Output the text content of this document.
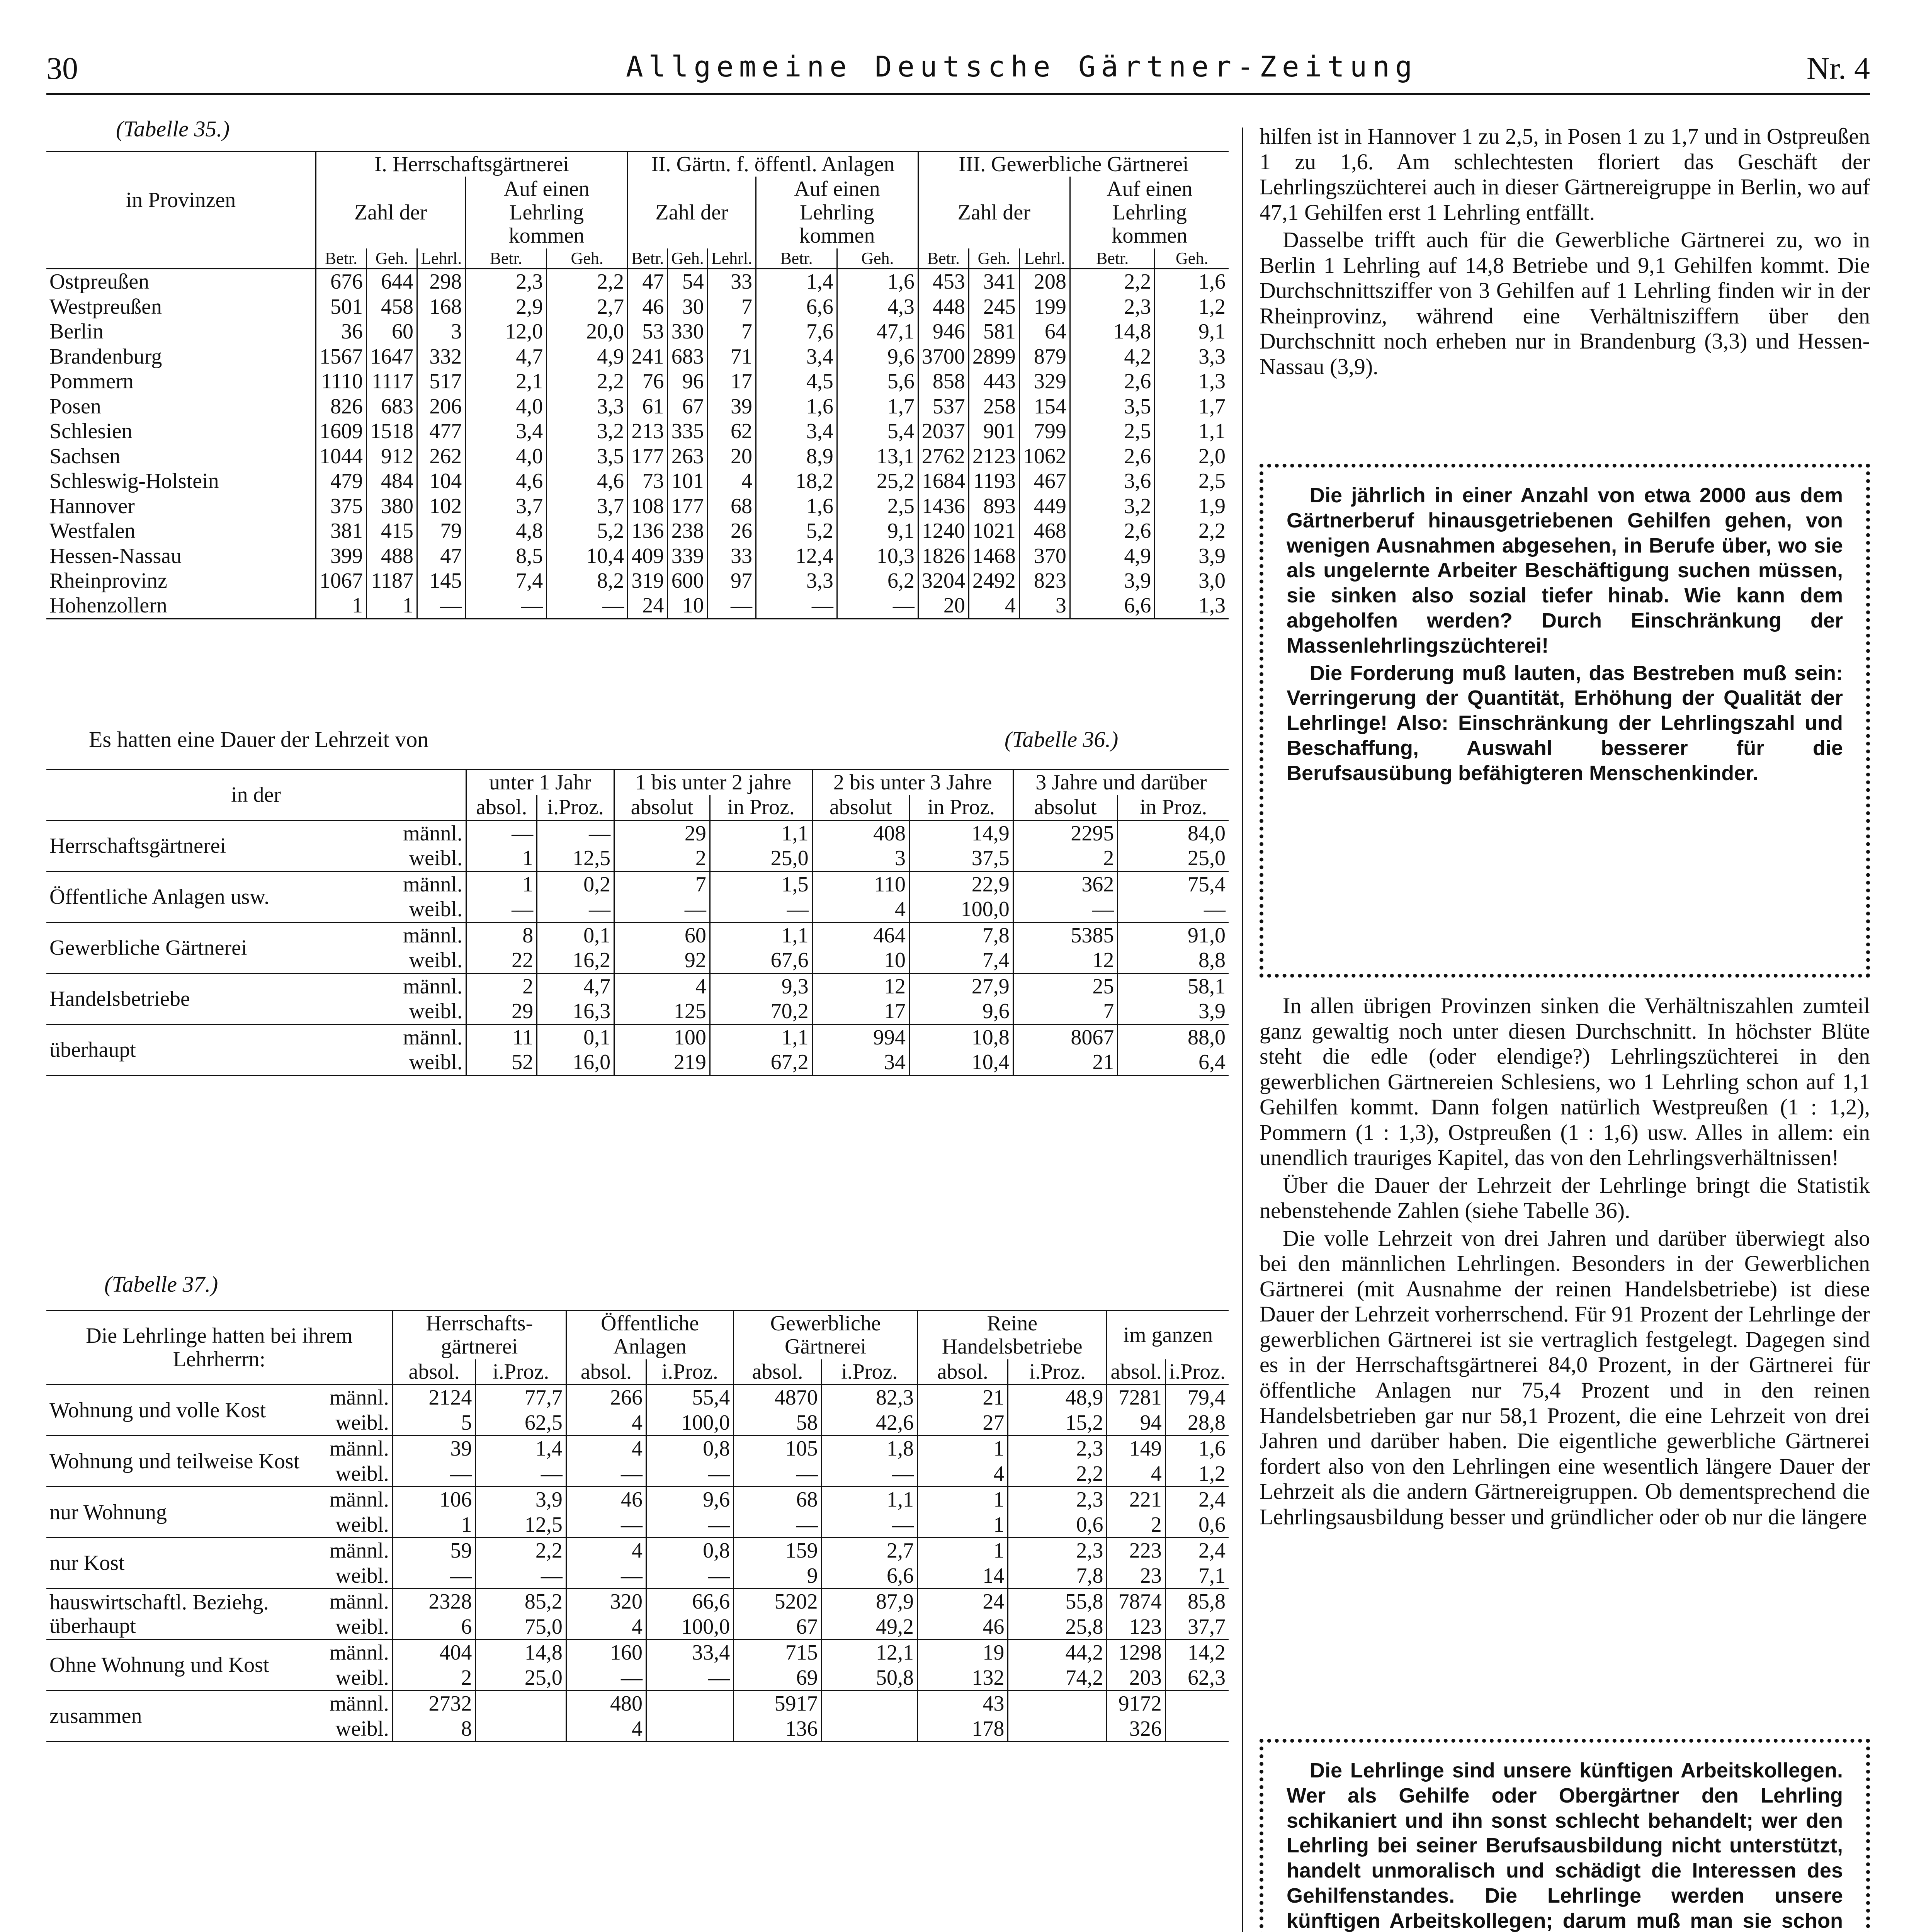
30	Allgemeine Deutsche Gärtner-Zeitung	Nr. 4
(Tabelle 35.)
in Provinzen	I. Herrschaftsgärtnerei					II. Gärtn. f. öffentl. Anlagen					III. Gewerbliche Gärtnerei				
	Zahl der			Auf einen Lehrling kommen		Zahl der			Auf einen Lehrling kommen		Zahl der			Auf einen Lehrling kommen	
	Betr.	Geh.	Lehrl.	Betr.	Geh.	Betr.	Geh.	Lehrl.	Betr.	Geh.	Betr.	Geh.	Lehrl.	Betr.	Geh.
Ostpreußen	676	644	298	2,3	2,2	47	54	33	1,4	1,6	453	341	208	2,2	1,6
Westpreußen	501	458	168	2,9	2,7	46	30	7	6,6	4,3	448	245	199	2,3	1,2
Berlin	36	60	3	12,0	20,0	53	330	7	7,6	47,1	946	581	64	14,8	9,1
Brandenburg	1567	1647	332	4,7	4,9	241	683	71	3,4	9,6	3700	2899	879	4,2	3,3
Pommern	1110	1117	517	2,1	2,2	76	96	17	4,5	5,6	858	443	329	2,6	1,3
Posen	826	683	206	4,0	3,3	61	67	39	1,6	1,7	537	258	154	3,5	1,7
Schlesien	1609	1518	477	3,4	3,2	213	335	62	3,4	5,4	2037	901	799	2,5	1,1
Sachsen	1044	912	262	4,0	3,5	177	263	20	8,9	13,1	2762	2123	1062	2,6	2,0
Schleswig-Holstein	479	484	104	4,6	4,6	73	101	4	18,2	25,2	1684	1193	467	3,6	2,5
Hannover	375	380	102	3,7	3,7	108	177	68	1,6	2,5	1436	893	449	3,2	1,9
Westfalen	381	415	79	4,8	5,2	136	238	26	5,2	9,1	1240	1021	468	2,6	2,2
Hessen-Nassau	399	488	47	8,5	10,4	409	339	33	12,4	10,3	1826	1468	370	4,9	3,9
Rheinprovinz	1067	1187	145	7,4	8,2	319	600	97	3,3	6,2	3204	2492	823	3,9	3,0
Hohenzollern	1	1	—	—	—	24	10	—	—	—	20	4	3	6,6	1,3
Es hatten eine Dauer der Lehrzeit von	(Tabelle 36.)
in der		unter 1 Jahr		1 bis unter 2 jahre		2 bis unter 3 Jahre		3 Jahre und darüber	
		absol.	i.Proz.	absolut	in Proz.	absolut	in Proz.	absolut	in Proz.
Herrschaftsgärtnerei	männl.	—	—	29	1,1	408	14,9	2295	84,0
	weibl.	1	12,5	2	25,0	3	37,5	2	25,0
Öffentliche Anlagen usw.	männl.	1	0,2	7	1,5	110	22,9	362	75,4
	weibl.	—	—	—	—	4	100,0	—	—
Gewerbliche Gärtnerei	männl.	8	0,1	60	1,1	464	7,8	5385	91,0
	weibl.	22	16,2	92	67,6	10	7,4	12	8,8
Handelsbetriebe	männl.	2	4,7	4	9,3	12	27,9	25	58,1
	weibl.	29	16,3	125	70,2	17	9,6	7	3,9
überhaupt	männl.	11	0,1	100	1,1	994	10,8	8067	88,0
	weibl.	52	16,0	219	67,2	34	10,4	21	6,4
(Tabelle 37.)
Die Lehrlinge hatten bei ihrem Lehrherrn:		Herrschafts-gärtnerei		Öffentliche Anlagen		Gewerbliche Gärtnerei		Reine Handelsbetriebe		im ganzen	
		absol.	i.Proz.	absol.	i.Proz.	absol.	i.Proz.	absol.	i.Proz.	absol.	i.Proz.
Wohnung und volle Kost	männl.	2124	77,7	266	55,4	4870	82,3	21	48,9	7281	79,4
	weibl.	5	62,5	4	100,0	58	42,6	27	15,2	94	28,8
Wohnung und teilweise Kost	männl.	39	1,4	4	0,8	105	1,8	1	2,3	149	1,6
	weibl.	—	—	—	—	—	—	4	2,2	4	1,2
nur Wohnung	männl.	106	3,9	46	9,6	68	1,1	1	2,3	221	2,4
	weibl.	1	12,5	—	—	—	—	1	0,6	2	0,6
nur Kost	männl.	59	2,2	4	0,8	159	2,7	1	2,3	223	2,4
	weibl.	—	—	—	—	9	6,6	14	7,8	23	7,1
hauswirtschaftl. Beziehg. überhaupt	männl.	2328	85,2	320	66,6	5202	87,9	24	55,8	7874	85,8
	weibl.	6	75,0	4	100,0	67	49,2	46	25,8	123	37,7
Ohne Wohnung und Kost	männl.	404	14,8	160	33,4	715	12,1	19	44,2	1298	14,2
	weibl.	2	25,0	—	—	69	50,8	132	74,2	203	62,3
zusammen	männl.	2732		480		5917		43		9172	
	weibl.	8		4		136		178		326	

hilfen ist in Hannover 1 zu 2,5, in Posen 1 zu 1,7 und in Ostpreußen 1 zu 1,6. Am schlechtesten floriert das Geschäft der Lehrlingszüchterei auch in dieser Gärtnereigruppe in Berlin, wo auf 47,1 Gehilfen erst 1 Lehrling entfällt.

Dasselbe trifft auch für die Gewerbliche Gärtnerei zu, wo in Berlin 1 Lehrling auf 14,8 Betriebe und 9,1 Gehilfen kommt. Die Durchschnittsziffer von 3 Gehilfen auf 1 Lehrling finden wir in der Rheinprovinz, während eine Verhältnisziffern über den Durchschnitt noch erheben nur in Brandenburg (3,3) und Hessen-Nassau (3,9).

Die jährlich in einer Anzahl von etwa 2000 aus dem Gärtnerberuf hinausgetriebenen Gehilfen gehen, von wenigen Ausnahmen abgesehen, in Berufe über, wo sie als ungelernte Arbeiter Beschäftigung suchen müssen, sie sinken also sozial tiefer hinab. Wie kann dem abgeholfen werden? Durch Einschränkung der Massenlehrlingszüchterei!

Die Forderung muß lauten, das Bestreben muß sein: Verringerung der Quantität, Erhöhung der Qualität der Lehrlinge! Also: Einschränkung der Lehrlingszahl und Beschaffung, Auswahl besserer für die Berufsausübung befähigteren Menschenkinder.

In allen übrigen Provinzen sinken die Verhältniszahlen zumteil ganz gewaltig noch unter diesen Durchschnitt. In höchster Blüte steht die edle (oder elendige?) Lehrlingszüchterei in den gewerblichen Gärtnereien Schlesiens, wo 1 Lehrling schon auf 1,1 Gehilfen kommt. Dann folgen natürlich Westpreußen (1 : 1,2), Pommern (1 : 1,3), Ostpreußen (1 : 1,6) usw. Alles in allem: ein unendlich trauriges Kapitel, das von den Lehrlingsverhältnissen!

Über die Dauer der Lehrzeit der Lehrlinge bringt die Statistik nebenstehende Zahlen (siehe Tabelle 36).

Die volle Lehrzeit von drei Jahren und darüber überwiegt also bei den männlichen Lehrlingen. Besonders in der Gewerblichen Gärtnerei (mit Ausnahme der reinen Handelsbetriebe) ist diese Dauer der Lehrzeit vorherrschend. Für 91 Prozent der Lehrlinge der gewerblichen Gärtnerei ist sie vertraglich festgelegt. Dagegen sind es in der Herrschaftsgärtnerei 84,0 Prozent, in der Gärtnerei für öffentliche Anlagen nur 75,4 Prozent und in den reinen Handelsbetrieben gar nur 58,1 Prozent, die eine Lehrzeit von drei Jahren und darüber haben. Die eigentliche gewerbliche Gärtnerei fordert also von den Lehrlingen eine wesentlich längere Dauer der Lehrzeit als die andern Gärtnereigruppen. Ob dementsprechend die Lehrlingsausbildung besser und gründlicher oder ob nur die längere

Die Lehrlinge sind unsere künftigen Arbeitskollegen. Wer als Gehilfe oder Obergärtner den Lehrling schikaniert und ihn sonst schlecht behandelt; wer den Lehrling bei seiner Berufsausbildung nicht unterstützt, handelt unmoralisch und schädigt die Interessen des Gehilfenstandes. Die Lehrlinge werden unsere künftigen Arbeitskollegen; darum muß man sie schon
